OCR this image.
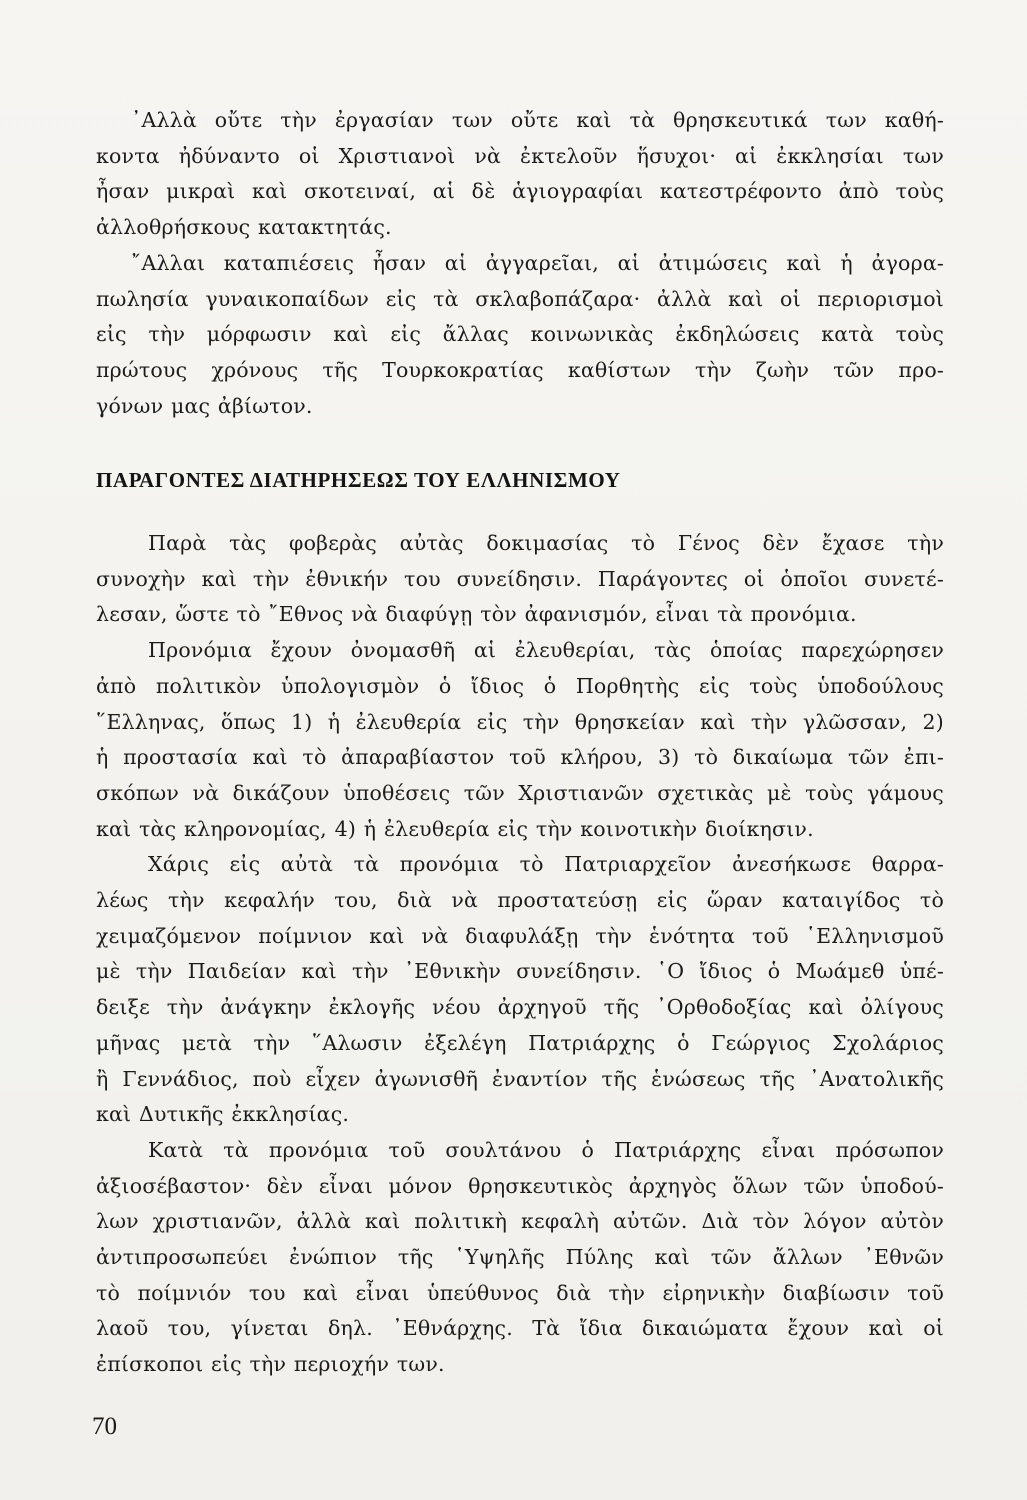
᾿Αλλὰ οὔτε τὴν ἐργασίαν των οὔτε καὶ τὰ θρησκευτικά των καθή-
κοντα ἠδύναντο οἱ Χριστιανοὶ νὰ ἐκτελοῦν ἥσυχοι· αἱ ἐκκλησίαι των
ἦσαν μικραὶ καὶ σκοτειναί, αἱ δὲ ἁγιογραφίαι κατεστρέφοντο ἀπὸ τοὺς
ἀλλοθρήσκους κατακτητάς.
῎Αλλαι καταπιέσεις ἦσαν αἱ ἀγγαρεῖαι, αἱ ἀτιμώσεις καὶ ἡ ἀγορα-
πωλησία γυναικοπαίδων εἰς τὰ σκλαβοπάζαρα· ἀλλὰ καὶ οἱ περιορισμοὶ
εἰς τὴν μόρφωσιν καὶ εἰς ἄλλας κοινωνικὰς ἐκδηλώσεις κατὰ τοὺς
πρώτους χρόνους τῆς Τουρκοκρατίας καθίστων τὴν ζωὴν τῶν προ-
γόνων μας ἀβίωτον.
ΠΑΡΑΓΟΝΤΕΣ ΔΙΑΤΗΡΗΣΕΩΣ ΤΟΥ ΕΛΛΗΝΙΣΜΟΥ
Παρὰ τὰς φοβερὰς αὐτὰς δοκιμασίας τὸ Γένος δὲν ἔχασε τὴν
συνοχὴν καὶ τὴν ἐθνικήν του συνείδησιν. Παράγοντες οἱ ὁποῖοι συνετέ-
λεσαν, ὥστε τὸ ῎Εθνος νὰ διαφύγῃ τὸν ἀφανισμόν, εἶναι τὰ προνόμια.
Προνόμια ἔχουν ὀνομασθῆ αἱ ἐλευθερίαι, τὰς ὁποίας παρεχώρησεν
ἀπὸ πολιτικὸν ὑπολογισμὸν ὁ ἴδιος ὁ Πορθητὴς εἰς τοὺς ὑποδούλους
῞Ελληνας, ὅπως 1) ἡ ἐλευθερία εἰς τὴν θρησκείαν καὶ τὴν γλῶσσαν, 2)
ἡ προστασία καὶ τὸ ἀπαραβίαστον τοῦ κλήρου, 3) τὸ δικαίωμα τῶν ἐπι-
σκόπων νὰ δικάζουν ὑποθέσεις τῶν Χριστιανῶν σχετικὰς μὲ τοὺς γάμους
καὶ τὰς κληρονομίας, 4) ἡ ἐλευθερία εἰς τὴν κοινοτικὴν διοίκησιν.
Χάρις εἰς αὐτὰ τὰ προνόμια τὸ Πατριαρχεῖον ἀνεσήκωσε θαρρα-
λέως τὴν κεφαλήν του, διὰ νὰ προστατεύσῃ εἰς ὥραν καταιγίδος τὸ
χειμαζόμενον ποίμνιον καὶ νὰ διαφυλάξῃ τὴν ἑνότητα τοῦ ῾Ελληνισμοῦ
μὲ τὴν Παιδείαν καὶ τὴν ᾿Εθνικὴν συνείδησιν. ῾Ο ἴδιος ὁ Μωάμεθ ὑπέ-
δειξε τὴν ἀνάγκην ἐκλογῆς νέου ἀρχηγοῦ τῆς ᾿Ορθοδοξίας καὶ ὀλίγους
μῆνας μετὰ τὴν ῞Αλωσιν ἐξελέγη Πατριάρχης ὁ Γεώργιος Σχολάριος
ἢ Γεννάδιος, ποὺ εἶχεν ἀγωνισθῆ ἐναντίον τῆς ἑνώσεως τῆς ᾿Ανατολικῆς
καὶ Δυτικῆς ἐκκλησίας.
Κατὰ τὰ προνόμια τοῦ σουλτάνου ὁ Πατριάρχης εἶναι πρόσωπον
ἀξιοσέβαστον· δὲν εἶναι μόνον θρησκευτικὸς ἀρχηγὸς ὅλων τῶν ὑποδού-
λων χριστιανῶν, ἀλλὰ καὶ πολιτικὴ κεφαλὴ αὐτῶν. Διὰ τὸν λόγον αὐτὸν
ἀντιπροσωπεύει ἐνώπιον τῆς ῾Υψηλῆς Πύλης καὶ τῶν ἄλλων ᾿Εθνῶν
τὸ ποίμνιόν του καὶ εἶναι ὑπεύθυνος διὰ τὴν εἰρηνικὴν διαβίωσιν τοῦ
λαοῦ του, γίνεται δηλ. ᾿Εθνάρχης. Τὰ ἴδια δικαιώματα ἔχουν καὶ οἱ
ἐπίσκοποι εἰς τὴν περιοχήν των.
70
